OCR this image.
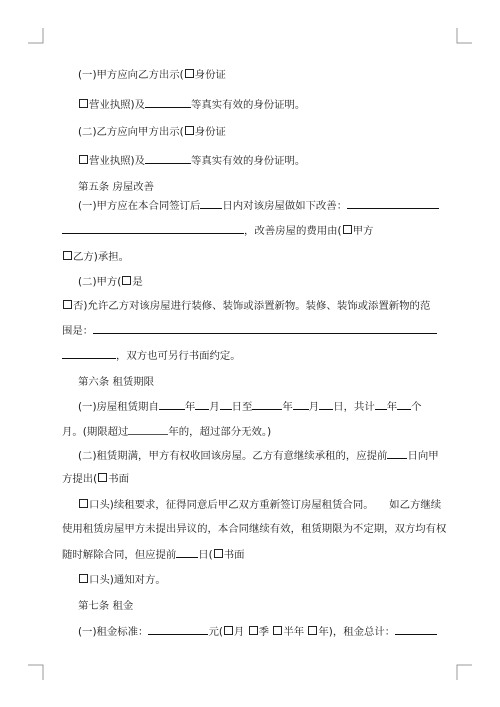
(一)甲方应向乙方出示( 身份证
营业执照)及	等真实有效的身份证明。
(二)乙方应向甲方出示( 身份证
营业执照)及	等真实有效的身份证明。
第五条 房屋改善
(一)甲方应在本合同签订后 日内对该房屋做如下改善：
，改善房屋的费用由( 甲方
乙方)承担。
(二)甲方( 是
否)允许乙方对该房屋进行装修、装饰或添置新物。装修、装饰或添置新物的范
围是：
，双方也可另行书面约定。
第六条 租赁期限
(一)房屋租赁期自	年 月 日至	年 月 日，共计 年 个
月。(期限超过	年的，超过部分无效。)
(二)租赁期满，甲方有权收回该房屋。乙方有意继续承租的，应提前 日向甲
方提出( 书面
口头)续租要求，征得同意后甲乙双方重新签订房屋租赁合同。　　如乙方继续
使用租赁房屋甲方未提出异议的，本合同继续有效，租赁期限为不定期，双方均有权
随时解除合同，但应提前 日( 书面
口头)通知对方。
第七条 租金
(一)租金标准：	元( 月 季 半年 年)，租金总计：
